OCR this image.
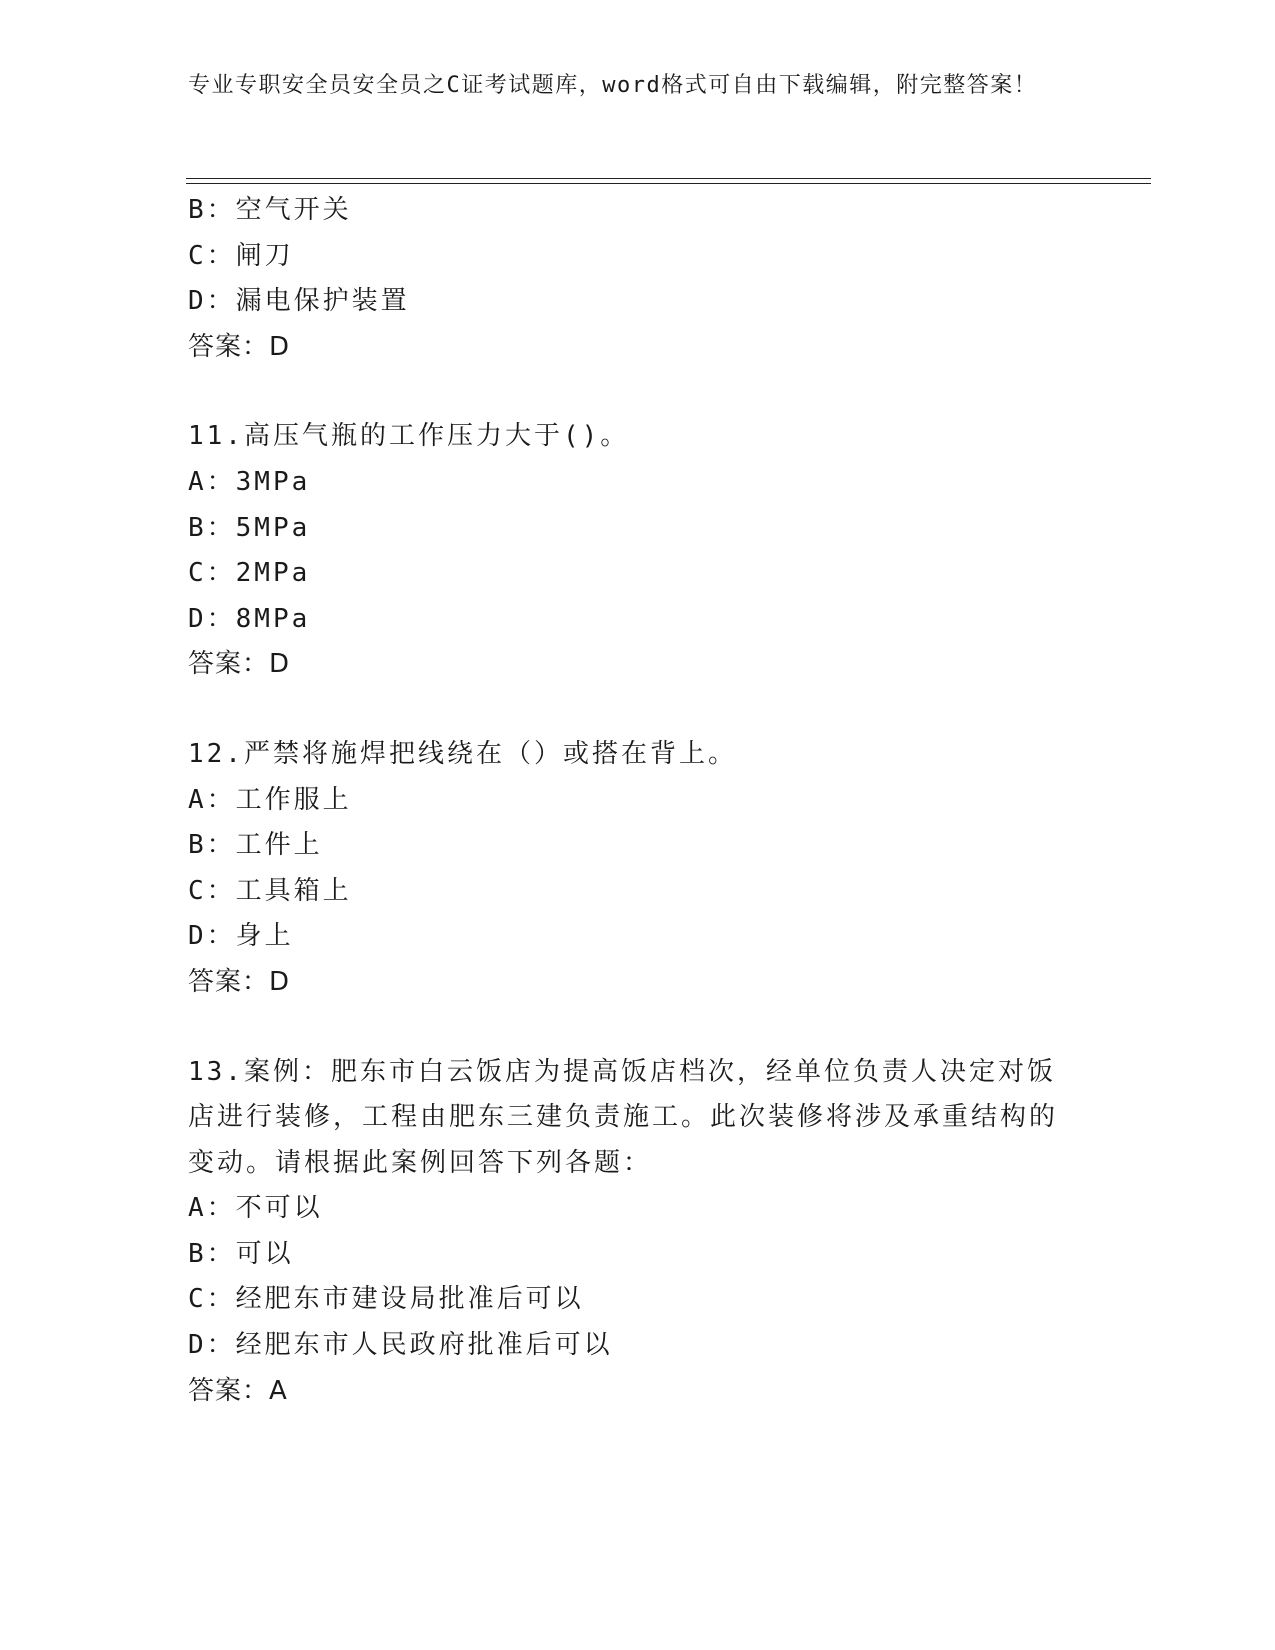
专业专职安全员安全员之C证考试题库，word格式可自由下载编辑，附完整答案！
B：空气开关
C：闸刀
D：漏电保护装置
答案：D
11.高压气瓶的工作压力大于()。
A：3MPa
B：5MPa
C：2MPa
D：8MPa
答案：D
12.严禁将施焊把线绕在（）或搭在背上。
A：工作服上
B：工件上
C：工具箱上
D：身上
答案：D
13.案例：肥东市白云饭店为提高饭店档次，经单位负责人决定对饭店进行装修，工程由肥东三建负责施工。此次装修将涉及承重结构的变动。请根据此案例回答下列各题：
A：不可以
B：可以
C：经肥东市建设局批准后可以
D：经肥东市人民政府批准后可以
答案：A
